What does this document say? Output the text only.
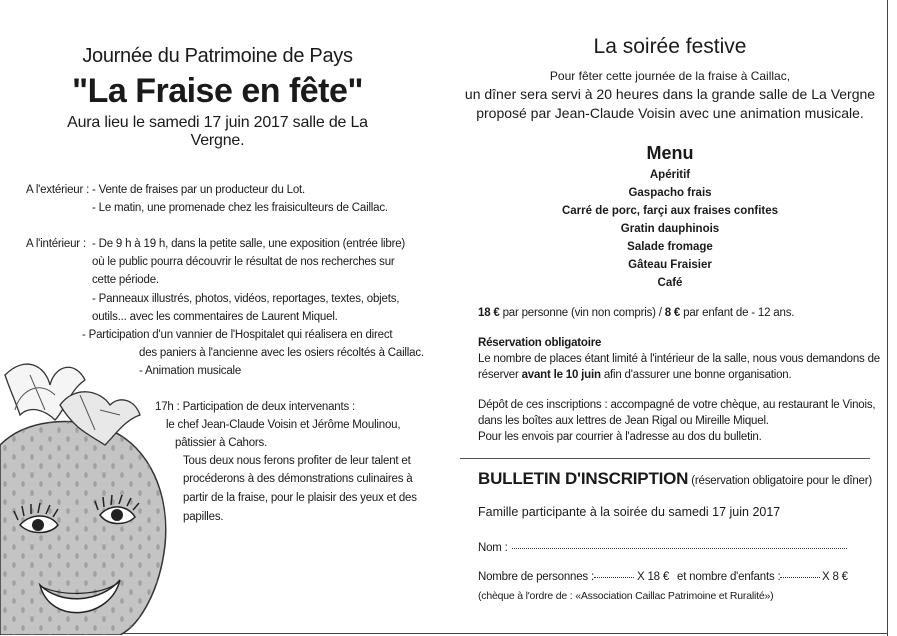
Journée du Patrimoine de Pays
"La Fraise en fête"
Aura lieu le samedi 17 juin 2017 salle de La Vergne.
A l'extérieur : - Vente de fraises par un producteur du Lot.
- Le matin, une promenade chez les fraisiculteurs de Caillac.
A l'intérieur : - De 9 h à 19 h, dans la petite salle, une exposition (entrée libre)
où le public pourra découvrir le résultat de nos recherches sur
cette période.
- Panneaux illustrés, photos, vidéos, reportages, textes, objets,
outils... avec les commentaires de Laurent Miquel.
- Participation d'un vannier de l'Hospitalet qui réalisera en direct
des paniers à l'ancienne avec les osiers récoltés à Caillac.
- Animation musicale
17h : Participation de deux intervenants :
le chef Jean-Claude Voisin et Jérôme Moulinou,
pâtissier à Cahors.
Tous deux nous ferons profiter de leur talent et
procéderons à des démonstrations culinaires à
partir de la fraise, pour le plaisir des yeux et des
papilles.
La soirée festive
Pour fêter cette journée de la fraise à Caillac,
un dîner sera servi à 20 heures dans la grande salle de La Vergne
proposé par Jean-Claude Voisin avec une animation musicale.
Menu
Apéritif
Gaspacho frais
Carré de porc, farçi aux fraises confites
Gratin dauphinois
Salade fromage
Gâteau Fraisier
Café
18 € par personne (vin non compris) / 8 € par enfant de - 12 ans.
Réservation obligatoire
Le nombre de places étant limité à l'intérieur de la salle, nous vous demandons de
réserver avant le 10 juin afin d'assurer une bonne organisation.
Dépôt de ces inscriptions : accompagné de votre chèque, au restaurant le Vinois,
dans les boîtes aux lettres de Jean Rigal ou Mireille Miquel.
Pour les envois par courrier à l'adresse au dos du bulletin.
BULLETIN D'INSCRIPTION (réservation obligatoire pour le dîner)
Famille participante à la soirée du samedi 17 juin 2017
Nom :
Nombre de personnes :	X 18 € et nombre d'enfants :	X 8 €
(chèque à l'ordre de : «Association Caillac Patrimoine et Ruralité»)
